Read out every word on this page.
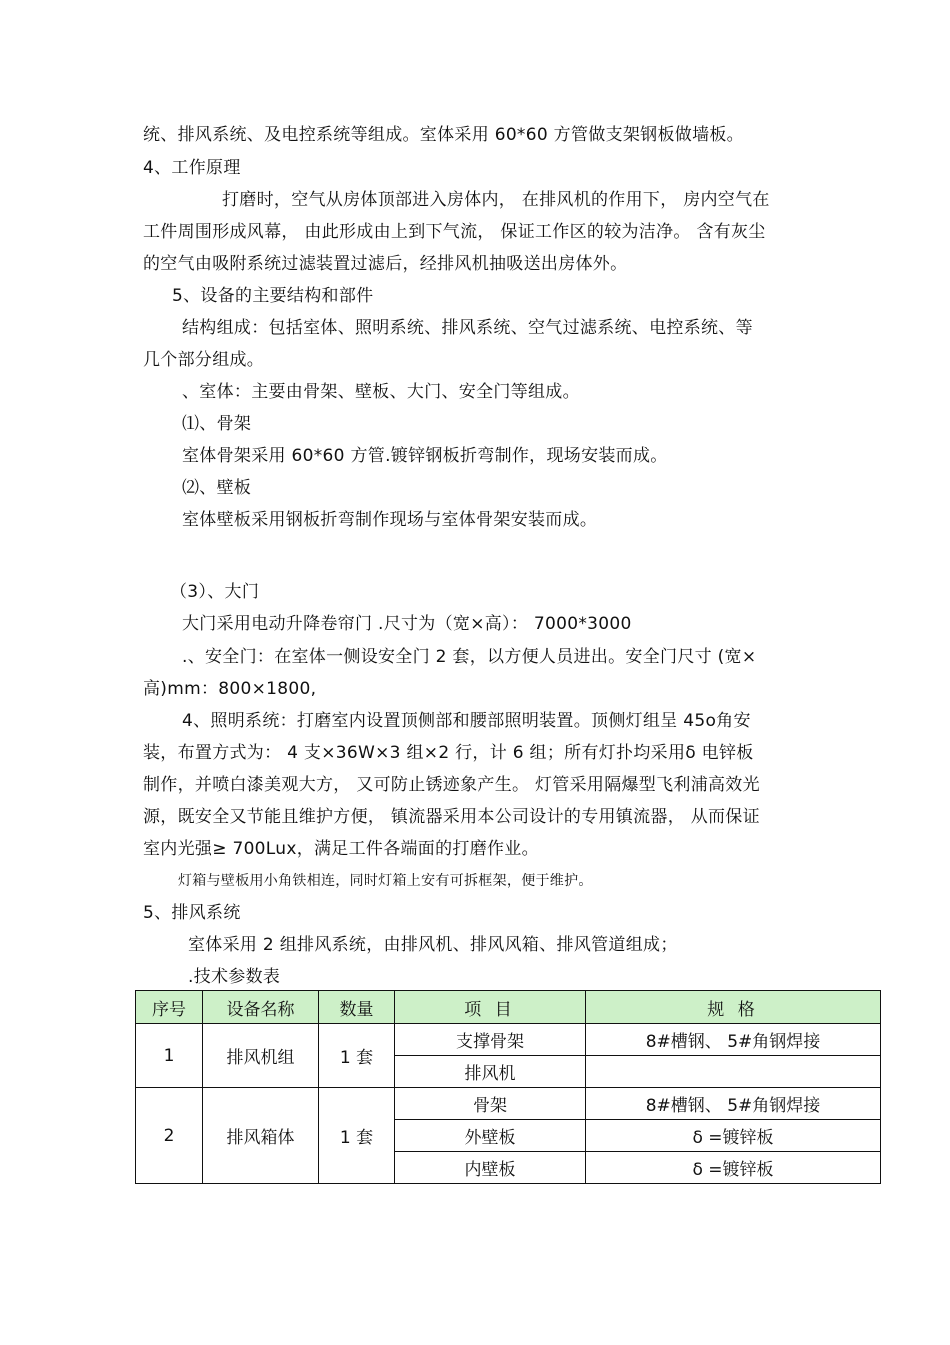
统、排风系统、及电控系统等组成。室体采用 60*60 方管做支架钢板做墙板。
4、工作原理
打磨时，空气从房体顶部进入房体内， 在排风机的作用下， 房内空气在
工件周围形成风幕， 由此形成由上到下气流， 保证工作区的较为洁净。 含有灰尘
的空气由吸附系统过滤装置过滤后，经排风机抽吸送出房体外。
5、设备的主要结构和部件
结构组成：包括室体、照明系统、排风系统、空气过滤系统、电控系统、等
几个部分组成。
、室体：主要由骨架、壁板、大门、安全门等组成。
⑴、骨架
室体骨架采用 60*60 方管.镀锌钢板折弯制作，现场安装而成。
⑵、壁板
室体壁板采用钢板折弯制作现场与室体骨架安装而成。
（3）、大门
大门采用电动升降卷帘门 .尺寸为（宽×高）： 7000*3000
.、安全门：在室体一侧设安全门 2 套，以方便人员进出。安全门尺寸 (宽×
高)mm：800×1800,
4、照明系统：打磨室内设置顶侧部和腰部照明装置。顶侧灯组呈 45o角安
装，布置方式为： 4 支×36W×3 组×2 行，计 6 组；所有灯扑均采用δ 电锌板
制作，并喷白漆美观大方， 又可防止锈迹象产生。 灯管采用隔爆型飞利浦高效光
源，既安全又节能且维护方便， 镇流器采用本公司设计的专用镇流器， 从而保证
室内光强≥ 700Lux，满足工件各端面的打磨作业。
灯箱与壁板用小角铁相连，同时灯箱上安有可拆框架，便于维护。
5、排风系统
室体采用 2 组排风系统，由排风机、排风风箱、排风管道组成；
.技术参数表
序号	设备名称	数量	项 目	规 格
1	排风机组	1 套	支撑骨架	8#槽钢、 5#角钢焊接
			排风机	
2	排风箱体	1 套	骨架	8#槽钢、 5#角钢焊接
			外壁板	δ =镀锌板
			内壁板	δ =镀锌板
